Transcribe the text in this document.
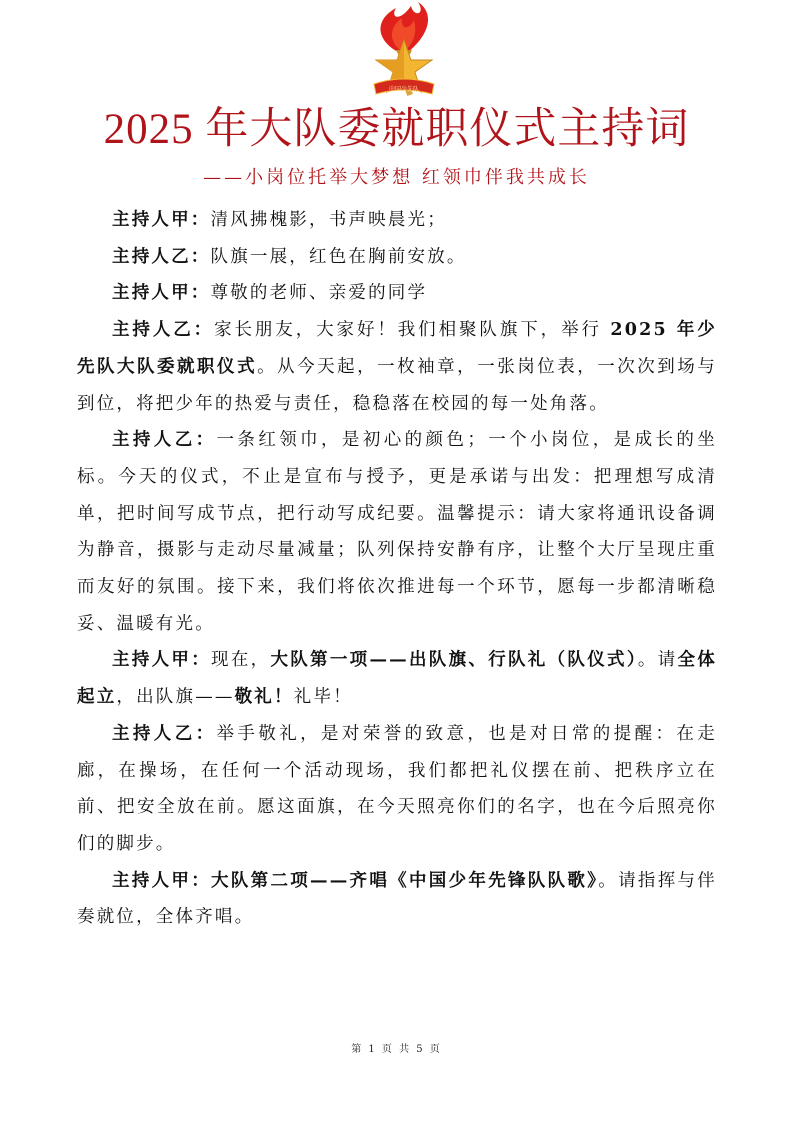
中国少先队
2025 年大队委就职仪式主持词
——小岗位托举大梦想 红领巾伴我共成长

主持人甲：清风拂槐影，书声映晨光；

主持人乙：队旗一展，红色在胸前安放。

主持人甲：尊敬的老师、亲爱的同学

主持人乙：家长朋友，大家好！我们相聚队旗下，举行 2025 年少先队大队委就职仪式。从今天起，一枚袖章，一张岗位表，一次次到场与到位，将把少年的热爱与责任，稳稳落在校园的每一处角落。

主持人乙：一条红领巾，是初心的颜色；一个小岗位，是成长的坐标。今天的仪式，不止是宣布与授予，更是承诺与出发：把理想写成清单，把时间写成节点，把行动写成纪要。温馨提示：请大家将通讯设备调为静音，摄影与走动尽量减量；队列保持安静有序，让整个大厅呈现庄重而友好的氛围。接下来，我们将依次推进每一个环节，愿每一步都清晰稳妥、温暖有光。

主持人甲：现在，大队第一项——出队旗、行队礼（队仪式）。请全体起立，出队旗——敬礼！礼毕！

主持人乙：举手敬礼，是对荣誉的致意，也是对日常的提醒：在走廊，在操场，在任何一个活动现场，我们都把礼仪摆在前、把秩序立在前、把安全放在前。愿这面旗，在今天照亮你们的名字，也在今后照亮你们的脚步。

主持人甲：大队第二项——齐唱《中国少年先锋队队歌》。请指挥与伴奏就位，全体齐唱。

第 1 页 共 5 页
